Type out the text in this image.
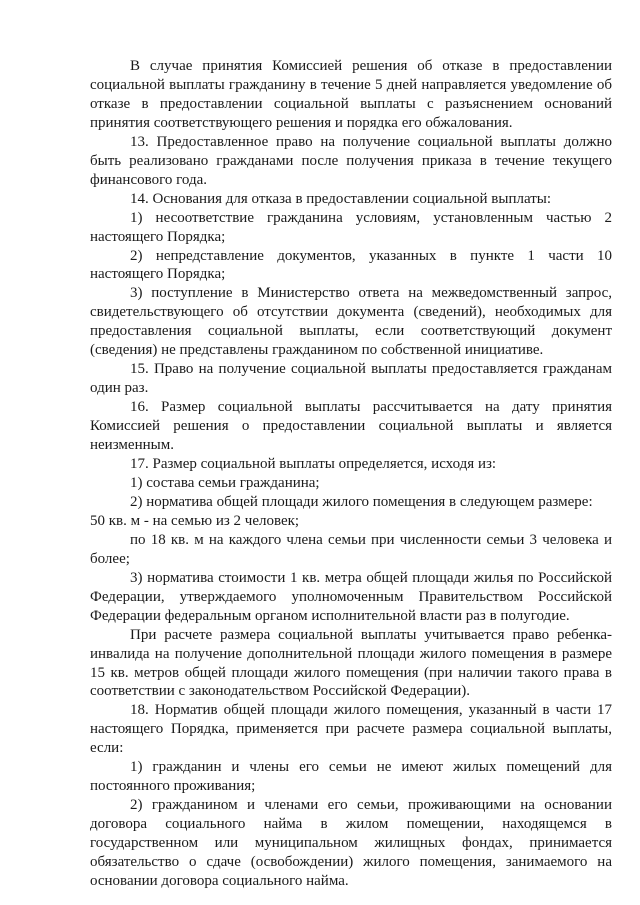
В случае принятия Комиссией решения об отказе в предоставлении социальной выплаты гражданину в течение 5 дней направляется уведомление об отказе в предоставлении социальной выплаты с разъяснением оснований принятия соответствующего решения и порядка его обжалования.

13. Предоставленное право на получение социальной выплаты должно быть реализовано гражданами после получения приказа в течение текущего финансового года.

14. Основания для отказа в предоставлении социальной выплаты:

1) несоответствие гражданина условиям, установленным частью 2 настоящего Порядка;

2) непредставление документов, указанных в пункте 1 части 10 настоящего Порядка;

3) поступление в Министерство ответа на межведомственный запрос, свидетельствующего об отсутствии документа (сведений), необходимых для предоставления социальной выплаты, если соответствующий документ (сведения) не представлены гражданином по собственной инициативе.

15. Право на получение социальной выплаты предоставляется гражданам один раз.

16. Размер социальной выплаты рассчитывается на дату принятия Комиссией решения о предоставлении социальной выплаты и является неизменным.

17. Размер социальной выплаты определяется, исходя из:

1) состава семьи гражданина;

2) норматива общей площади жилого помещения в следующем размере:

50 кв. м - на семью из 2 человек;

по 18 кв. м на каждого члена семьи при численности семьи 3 человека и более;

3) норматива стоимости 1 кв. метра общей площади жилья по Российской Федерации, утверждаемого уполномоченным Правительством Российской Федерации федеральным органом исполнительной власти раз в полугодие.

При расчете размера социальной выплаты учитывается право ребенка-инвалида на получение дополнительной площади жилого помещения в размере 15 кв. метров общей площади жилого помещения (при наличии такого права в соответствии с законодательством Российской Федерации).

18. Норматив общей площади жилого помещения, указанный в части 17 настоящего Порядка, применяется при расчете размера социальной выплаты, если:

1) гражданин и члены его семьи не имеют жилых помещений для постоянного проживания;

2) гражданином и членами его семьи, проживающими на основании договора социального найма в жилом помещении, находящемся в государственном или муниципальном жилищных фондах, принимается обязательство о сдаче (освобождении) жилого помещения, занимаемого на основании договора социального найма.
